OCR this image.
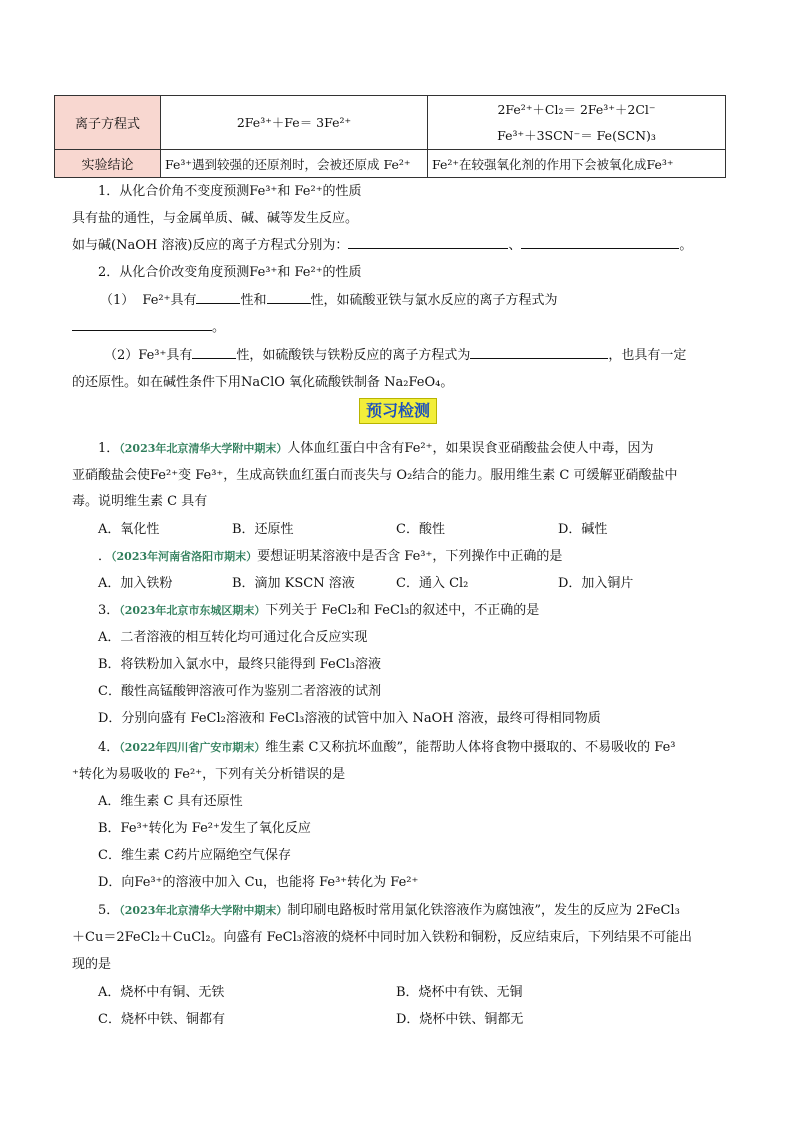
离子方程式	2Fe³⁺＋Fe＝ 3Fe²⁺	2Fe²⁺＋Cl₂＝ 2Fe³⁺＋2Cl⁻
Fe³⁺＋3SCN⁻＝ Fe(SCN)₃

实验结论	Fe³⁺遇到较强的还原剂时，会被还原成 Fe²⁺	Fe²⁺在较强氧化剂的作用下会被氧化成Fe³⁺
1．从化合价角不变度预测Fe³⁺和 Fe²⁺的性质
具有盐的通性，与金属单质、碱、碱等发生反应。
如与碱(NaOH 溶液)反应的离子方程式分别为：	、	。
2．从化合价改变角度预测Fe³⁺和 Fe²⁺的性质
（1） Fe²⁺具有	性和	性，如硫酸亚铁与氯水反应的离子方程式为
。
（2）Fe³⁺具有	性，如硫酸铁与铁粉反应的离子方程式为	，也具有一定
的还原性。如在碱性条件下用NaClO 氧化硫酸铁制备 Na₂FeO₄。
预习检测
1．（2023年北京清华大学附中期末）人体血红蛋白中含有Fe²⁺，如果误食亚硝酸盐会使人中毒，因为
亚硝酸盐会使Fe²⁺变 Fe³⁺，生成高铁血红蛋白而丧失与 O₂结合的能力。服用维生素 C 可缓解亚硝酸盐中
毒。说明维生素 C 具有
A．氧化性	B．还原性	C．酸性	D．碱性
．（2023年河南省洛阳市期末）要想证明某溶液中是否含 Fe³⁺，下列操作中正确的是
A．加入铁粉	B．滴加 KSCN 溶液	C．通入 Cl₂	D．加入铜片
3．（2023年北京市东城区期末）下列关于 FeCl₂和 FeCl₃的叙述中，不正确的是
A．二者溶液的相互转化均可通过化合反应实现
B．将铁粉加入氯水中，最终只能得到 FeCl₃溶液
C．酸性高锰酸钾溶液可作为鉴别二者溶液的试剂
D．分别向盛有 FeCl₂溶液和 FeCl₃溶液的试管中加入 NaOH 溶液，最终可得相同物质
4．（2022年四川省广安市期末）维生素 C又称抗坏血酸”，能帮助人体将食物中摄取的、不易吸收的 Fe³
⁺转化为易吸收的 Fe²⁺，下列有关分析错误的是
A．维生素 C 具有还原性
B．Fe³⁺转化为 Fe²⁺发生了氧化反应
C．维生素 C药片应隔绝空气保存
D．向Fe³⁺的溶液中加入 Cu，也能将 Fe³⁺转化为 Fe²⁺
5．（2023年北京清华大学附中期末）制印刷电路板时常用氯化铁溶液作为腐蚀液”，发生的反应为 2FeCl₃
＋Cu＝2FeCl₂＋CuCl₂。向盛有 FeCl₃溶液的烧杯中同时加入铁粉和铜粉，反应结束后，下列结果不可能出
现的是
A．烧杯中有铜、无铁	B．烧杯中有铁、无铜
C．烧杯中铁、铜都有	D．烧杯中铁、铜都无
